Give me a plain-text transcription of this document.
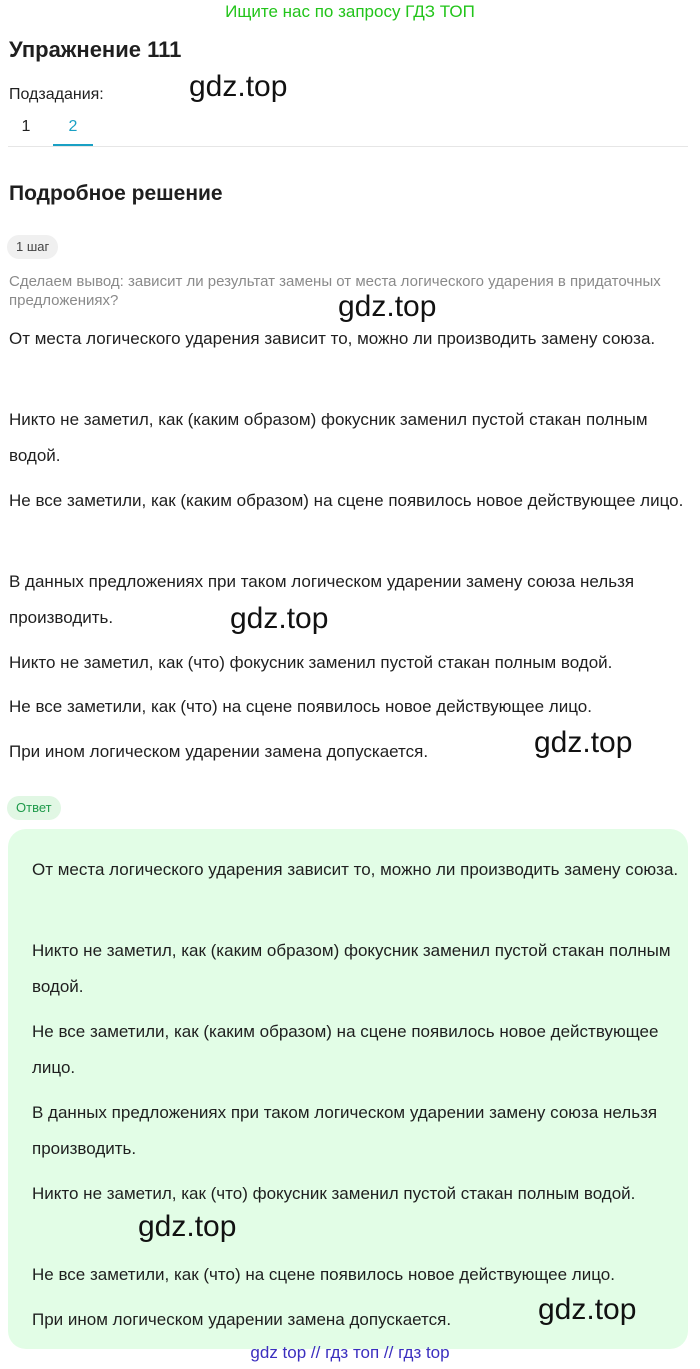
Ищите нас по запросу ГДЗ ТОП
Упражнение 111
Подзадания:
1	2
Подробное решение
1 шаг

Сделаем вывод: зависит ли результат замены от места логического ударения в придаточных предложениях?

От места логического ударения зависит то, можно ли производить замену союза.

Никто не заметил, как (каким образом) фокусник заменил пустой стакан полным водой.

Не все заметили, как (каким образом) на сцене появилось новое действующее лицо.

В данных предложениях при таком логическом ударении замену союза нельзя производить.

Никто не заметил, как (что) фокусник заменил пустой стакан полным водой.

Не все заметили, как (что) на сцене появилось новое действующее лицо.

При ином логическом ударении замена допускается.

Ответ

От места логического ударения зависит то, можно ли производить замену союза.

Никто не заметил, как (каким образом) фокусник заменил пустой стакан полным водой.

Не все заметили, как (каким образом) на сцене появилось новое действующее лицо.

В данных предложениях при таком логическом ударении замену союза нельзя производить.

Никто не заметил, как (что) фокусник заменил пустой стакан полным водой.

Не все заметили, как (что) на сцене появилось новое действующее лицо.

При ином логическом ударении замена допускается.

gdz.top
gdz.top
gdz.top
gdz.top
gdz.top
gdz.top
gdz top // гдз топ // гдз top
